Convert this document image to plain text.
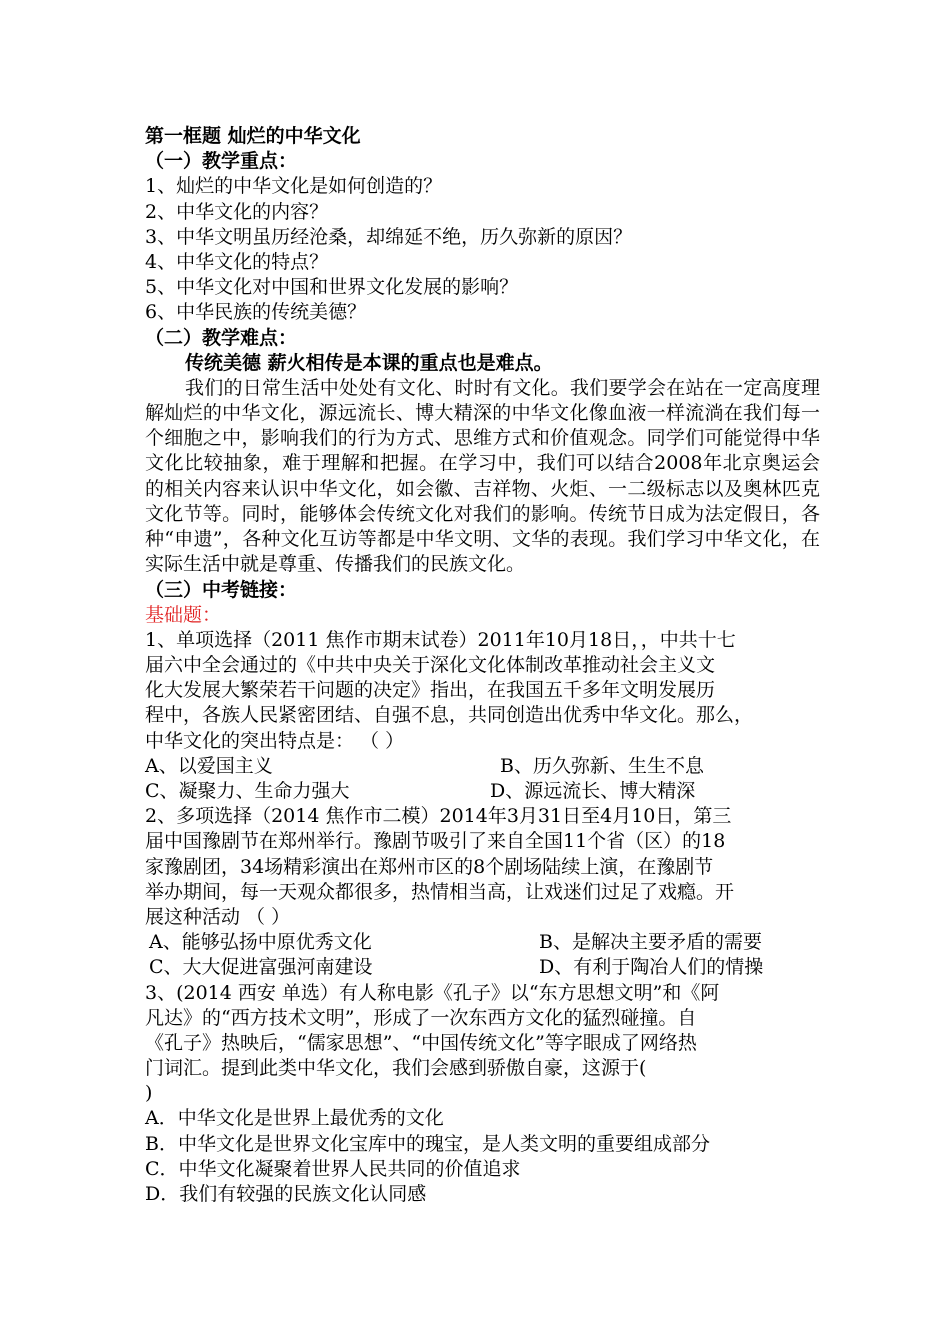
第一框题 灿烂的中华文化
（一）教学重点：
1、灿烂的中华文化是如何创造的？
2、中华文化的内容？
3、中华文明虽历经沧桑，却绵延不绝，历久弥新的原因？
4、中华文化的特点？
5、中华文化对中国和世界文化发展的影响？
6、中华民族的传统美德？
（二）教学难点：
传统美德 薪火相传是本课的重点也是难点。
我们的日常生活中处处有文化、时时有文化。我们要学会在站在一定高度理解灿烂的中华文化，源远流长、博大精深的中华文化像血液一样流淌在我们每一个细胞之中，影响我们的行为方式、思维方式和价值观念。同学们可能觉得中华文化比较抽象，难于理解和把握。在学习中，我们可以结合2008年北京奥运会的相关内容来认识中华文化，如会徽、吉祥物、火炬、一二级标志以及奥林匹克文化节等。同时，能够体会传统文化对我们的影响。传统节日成为法定假日，各种“申遗”，各种文化互访等都是中华文明、文华的表现。我们学习中华文化，在实际生活中就是尊重、传播我们的民族文化。
（三）中考链接：
基础题：
1、单项选择（2011 焦作市期末试卷）2011年10月18日，，中共十七
届六中全会通过的《中共中央关于深化文化体制改革推动社会主义文
化大发展大繁荣若干问题的决定》指出，在我国五千多年文明发展历
程中，各族人民紧密团结、自强不息，共同创造出优秀中华文化。那么，
中华文化的突出特点是： （ ）
A、以爱国主义	B、历久弥新、生生不息
C、凝聚力、生命力强大	D、源远流长、博大精深
2、多项选择（2014 焦作市二模）2014年3月31日至4月10日，第三
届中国豫剧节在郑州举行。豫剧节吸引了来自全国11个省（区）的18
家豫剧团，34场精彩演出在郑州市区的8个剧场陆续上演，在豫剧节
举办期间，每一天观众都很多，热情相当高，让戏迷们过足了戏瘾。开
展这种活动 （ ）
A、能够弘扬中原优秀文化	B、是解决主要矛盾的需要
C、大大促进富强河南建设	D、有利于陶冶人们的情操
3、(2014 西安 单选）有人称电影《孔子》以“东方思想文明”和《阿
凡达》的“西方技术文明”，形成了一次东西方文化的猛烈碰撞。自
《孔子》热映后，“儒家思想”、“中国传统文化”等字眼成了网络热
门词汇。提到此类中华文化，我们会感到骄傲自豪，这源于(
)
A．中华文化是世界上最优秀的文化
B．中华文化是世界文化宝库中的瑰宝，是人类文明的重要组成部分
C．中华文化凝聚着世界人民共同的价值追求
D．我们有较强的民族文化认同感
